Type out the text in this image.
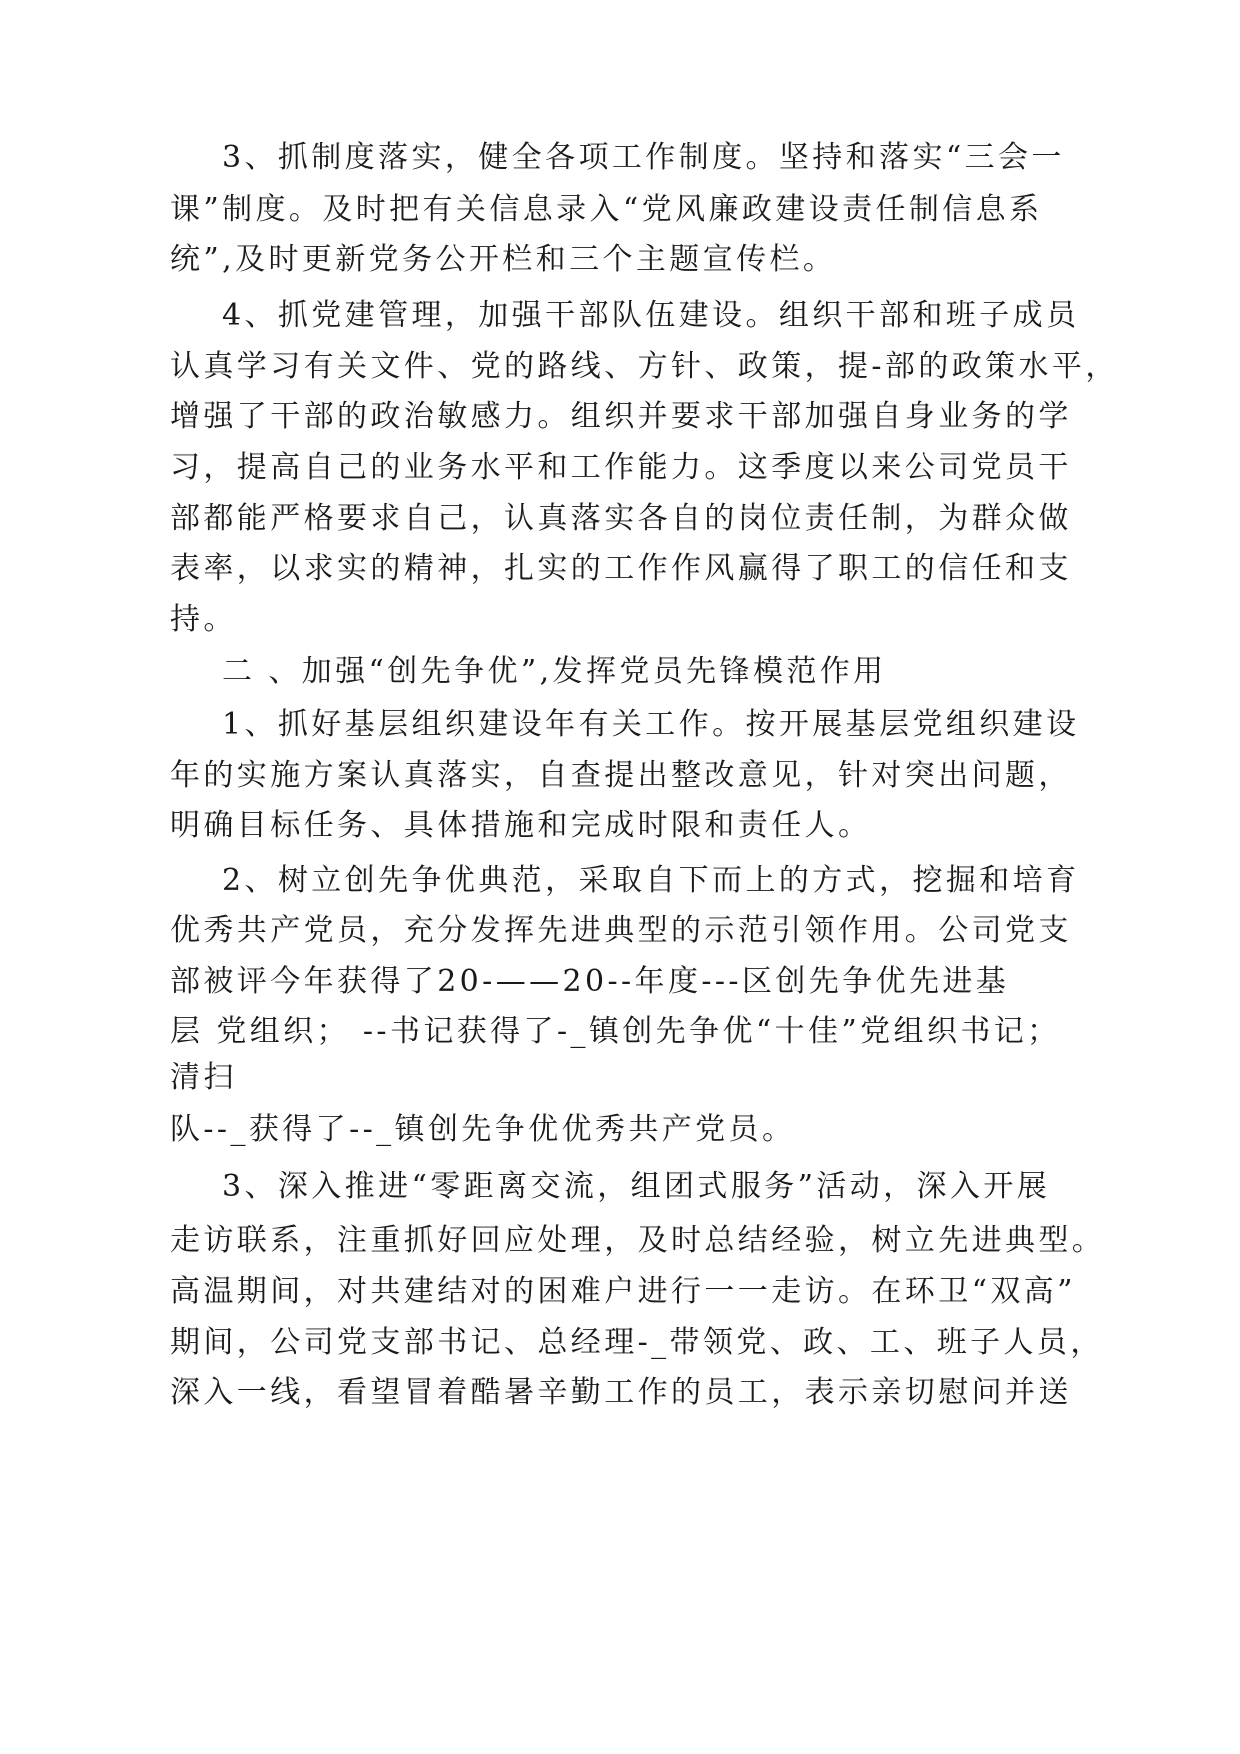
3、抓制度落实，健全各项工作制度。坚持和落实“三会一
课”制度。及时把有关信息录入“党风廉政建设责任制信息系
统”,及时更新党务公开栏和三个主题宣传栏。
4、抓党建管理，加强干部队伍建设。组织干部和班子成员
认真学习有关文件、党的路线、方针、政策，提-部的政策水平，
增强了干部的政治敏感力。组织并要求干部加强自身业务的学
习，提高自己的业务水平和工作能力。这季度以来公司党员干
部都能严格要求自己，认真落实各自的岗位责任制，为群众做
表率，以求实的精神，扎实的工作作风赢得了职工的信任和支
持。
二 、加强“创先争优”,发挥党员先锋模范作用
1、抓好基层组织建设年有关工作。按开展基层党组织建设
年的实施方案认真落实，自查提出整改意见，针对突出问题，
明确目标任务、具体措施和完成时限和责任人。
2、树立创先争优典范，采取自下而上的方式，挖掘和培育
优秀共产党员，充分发挥先进典型的示范引领作用。公司党支
部被评今年获得了20-——20--年度---区创先争优先进基
层 党组织； --书记获得了-_镇创先争优“十佳”党组织书记；
清扫
队--_获得了--_镇创先争优优秀共产党员。
3、深入推进“零距离交流，组团式服务”活动，深入开展
走访联系，注重抓好回应处理，及时总结经验，树立先进典型。
高温期间，对共建结对的困难户进行一一走访。在环卫“双高”
期间，公司党支部书记、总经理-_带领党、政、工、班子人员，
深入一线，看望冒着酷暑辛勤工作的员工，表示亲切慰问并送
